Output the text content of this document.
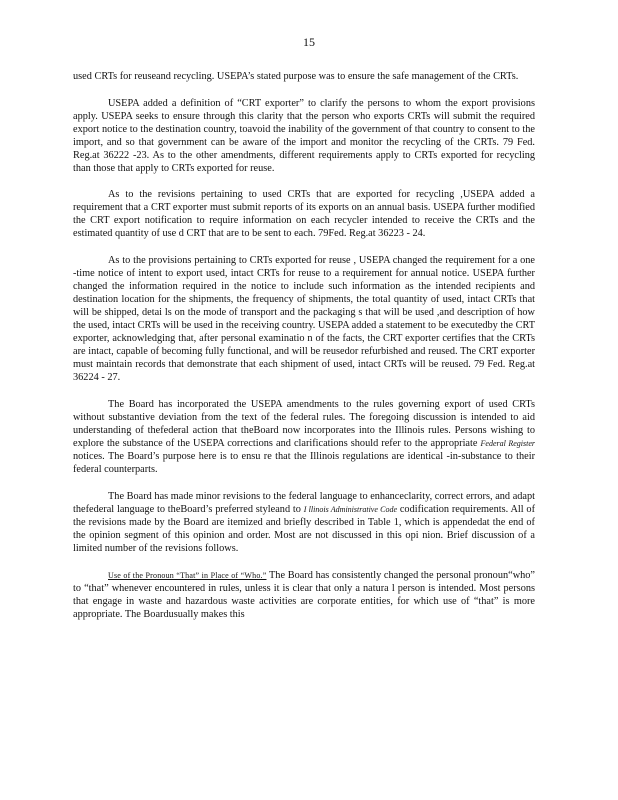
15

used CRTs for reuseand recycling. USEPA’s stated purpose was to ensure the safe management of the CRTs.

USEPA added a definition of “CRT exporter” to clarify the persons to whom the export provisions apply. USEPA seeks to ensure through this clarity that the person who exports CRTs will submit the required export notice to the destination country, toavoid the inability of the government of that country to consent to the import, and so that government can be aware of the import and monitor the recycling of the CRTs. 79 Fed. Reg.at 36222 -23. As to the other amendments, different requirements apply to CRTs exported for recycling than those that apply to CRTs exported for reuse.

As to the revisions pertaining to used CRTs that are exported for recycling ,USEPA added a requirement that a CRT exporter must submit reports of its exports on an annual basis. USEPA further modified the CRT export notification to require information on each recycler intended to receive the CRTs and the estimated quantity of use d CRT that are to be sent to each. 79Fed. Reg.at 36223 - 24.

As to the provisions pertaining to CRTs exported for reuse , USEPA changed the requirement for a one -time notice of intent to export used, intact CRTs for reuse to a requirement for annual notice. USEPA further changed the information required in the notice to include such information as the intended recipients and destination location for the shipments, the frequency of shipments, the total quantity of used, intact CRTs that will be shipped, detai ls on the mode of transport and the packaging s that will be used ,and description of how the used, intact CRTs will be used in the receiving country. USEPA added a statement to be executedby the CRT exporter, acknowledging that, after personal examinatio n of the facts, the CRT exporter certifies that the CRTs are intact, capable of becoming fully functional, and will be reusedor refurbished and reused. The CRT exporter must maintain records that demonstrate that each shipment of used, intact CRTs will be reused. 79 Fed. Reg.at 36224 - 27.

The Board has incorporated the USEPA amendments to the rules governing export of used CRTs without substantive deviation from the text of the federal rules. The foregoing discussion is intended to aid understanding of thefederal action that theBoard now incorporates into the Illinois rules. Persons wishing to explore the substance of the USEPA corrections and clarifications should refer to the appropriate Federal Register notices. The Board’s purpose here is to ensu re that the Illinois regulations are identical -in-substance to their federal counterparts.

The Board has made minor revisions to the federal language to enhanceclarity, correct errors, and adapt thefederal language to theBoard’s preferred styleand to I llinois Administrative Code codification requirements. All of the revisions made by the Board are itemized and briefly described in Table 1, which is appendedat the end of the opinion segment of this opinion and order. Most are not discussed in this opi nion. Brief discussion of a limited number of the revisions follows.

Use of the Pronoun “That” in Place of “Who.” The Board has consistently changed the personal pronoun“who” to “that” whenever encountered in rules, unless it is clear that only a natura l person is intended. Most persons that engage in waste and hazardous waste activities are corporate entities, for which use of “that” is more appropriate. The Boardusually makes this
